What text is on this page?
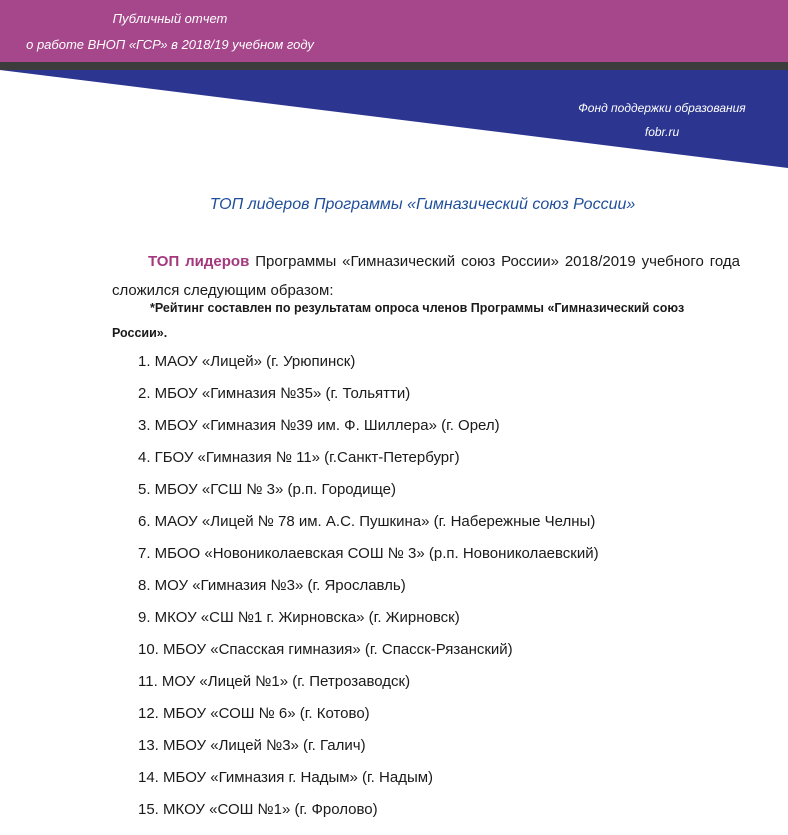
Публичный отчет
о работе ВНОП «ГСР» в 2018/19 учебном году
Фонд поддержки образования
fobr.ru
ТОП лидеров Программы «Гимназический союз России»

ТОП лидеров Программы «Гимназический союз России» 2018/2019 учебного года сложился следующим образом:

*Рейтинг составлен по результатам опроса членов Программы «Гимназический союз
России».
1. МАОУ «Лицей» (г. Урюпинск)
2. МБОУ «Гимназия №35» (г. Тольятти)
3. МБОУ «Гимназия №39 им. Ф. Шиллера» (г. Орел)
4. ГБОУ «Гимназия № 11» (г.Санкт-Петербург)
5. МБОУ «ГСШ № 3» (р.п. Городище)
6. МАОУ «Лицей № 78 им. А.С. Пушкина» (г. Набережные Челны)
7. МБОО «Новониколаевская СОШ № 3» (р.п. Новониколаевский)
8. МОУ «Гимназия №3» (г. Ярославль)
9. МКОУ «СШ №1 г. Жирновска» (г. Жирновск)
10. МБОУ «Спасская гимназия» (г. Спасск-Рязанский)
11. МОУ «Лицей №1» (г. Петрозаводск)
12. МБОУ «СОШ № 6» (г. Котово)
13. МБОУ «Лицей №3» (г. Галич)
14. МБОУ «Гимназия г. Надым» (г. Надым)
15. МКОУ «СОШ №1» (г. Фролово)
